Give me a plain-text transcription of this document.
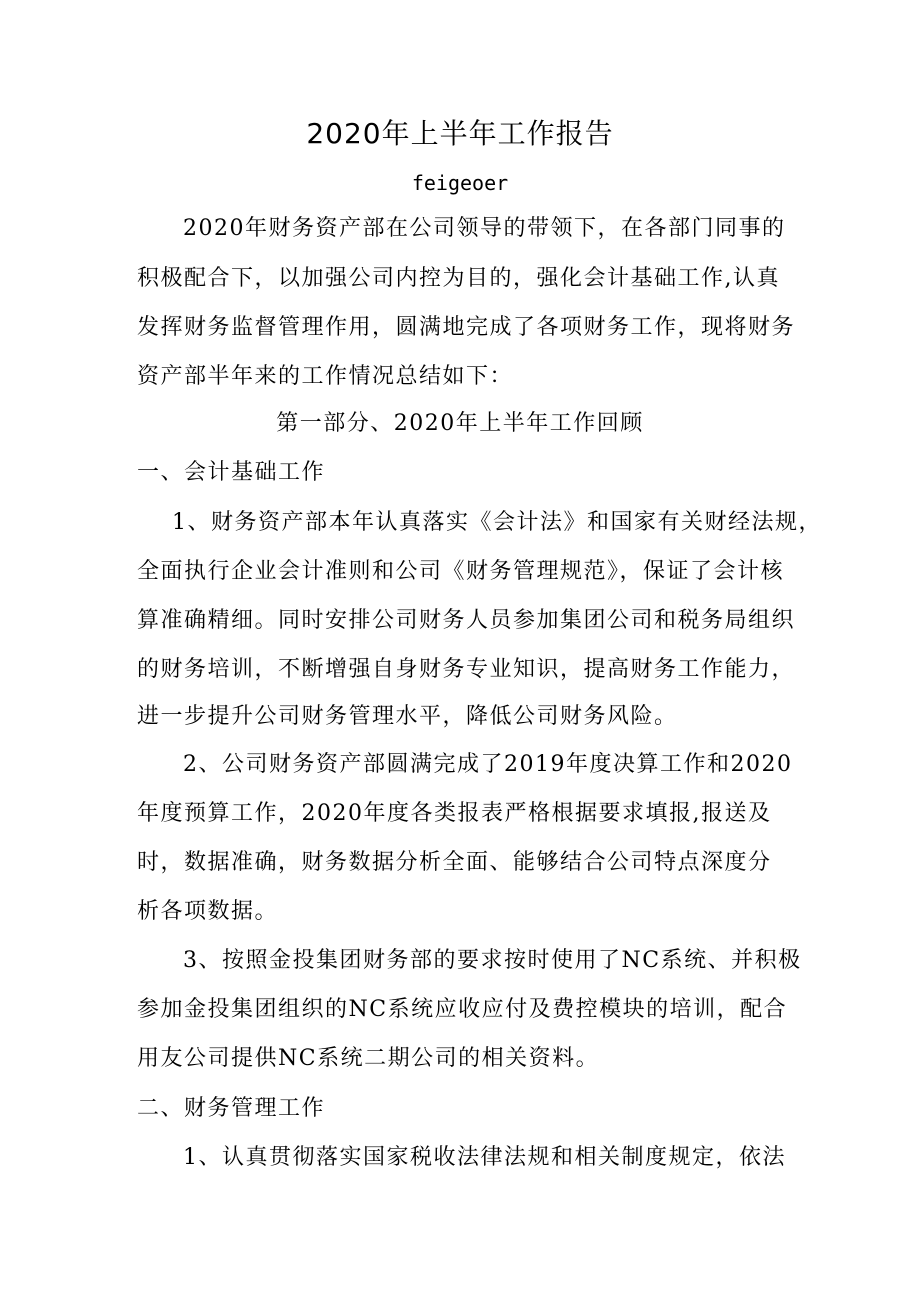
2020年上半年工作报告
feigeoer

2020年财务资产部在公司领导的带领下，在各部门同事的

积极配合下，以加强公司内控为目的，强化会计基础工作,认真

发挥财务监督管理作用，圆满地完成了各项财务工作，现将财务

资产部半年来的工作情况总结如下：

第一部分、2020年上半年工作回顾

一、会计基础工作

1、财务资产部本年认真落实《会计法》和国家有关财经法规，

全面执行企业会计准则和公司《财务管理规范》，保证了会计核

算准确精细。同时安排公司财务人员参加集团公司和税务局组织

的财务培训，不断增强自身财务专业知识，提高财务工作能力，

进一步提升公司财务管理水平，降低公司财务风险。

2、公司财务资产部圆满完成了2019年度决算工作和2020

年度预算工作，2020年度各类报表严格根据要求填报,报送及

时，数据准确，财务数据分析全面、能够结合公司特点深度分

析各项数据。

3、按照金投集团财务部的要求按时使用了NC系统、并积极

参加金投集团组织的NC系统应收应付及费控模块的培训，配合

用友公司提供NC系统二期公司的相关资料。

二、财务管理工作

1、认真贯彻落实国家税收法律法规和相关制度规定，依法
